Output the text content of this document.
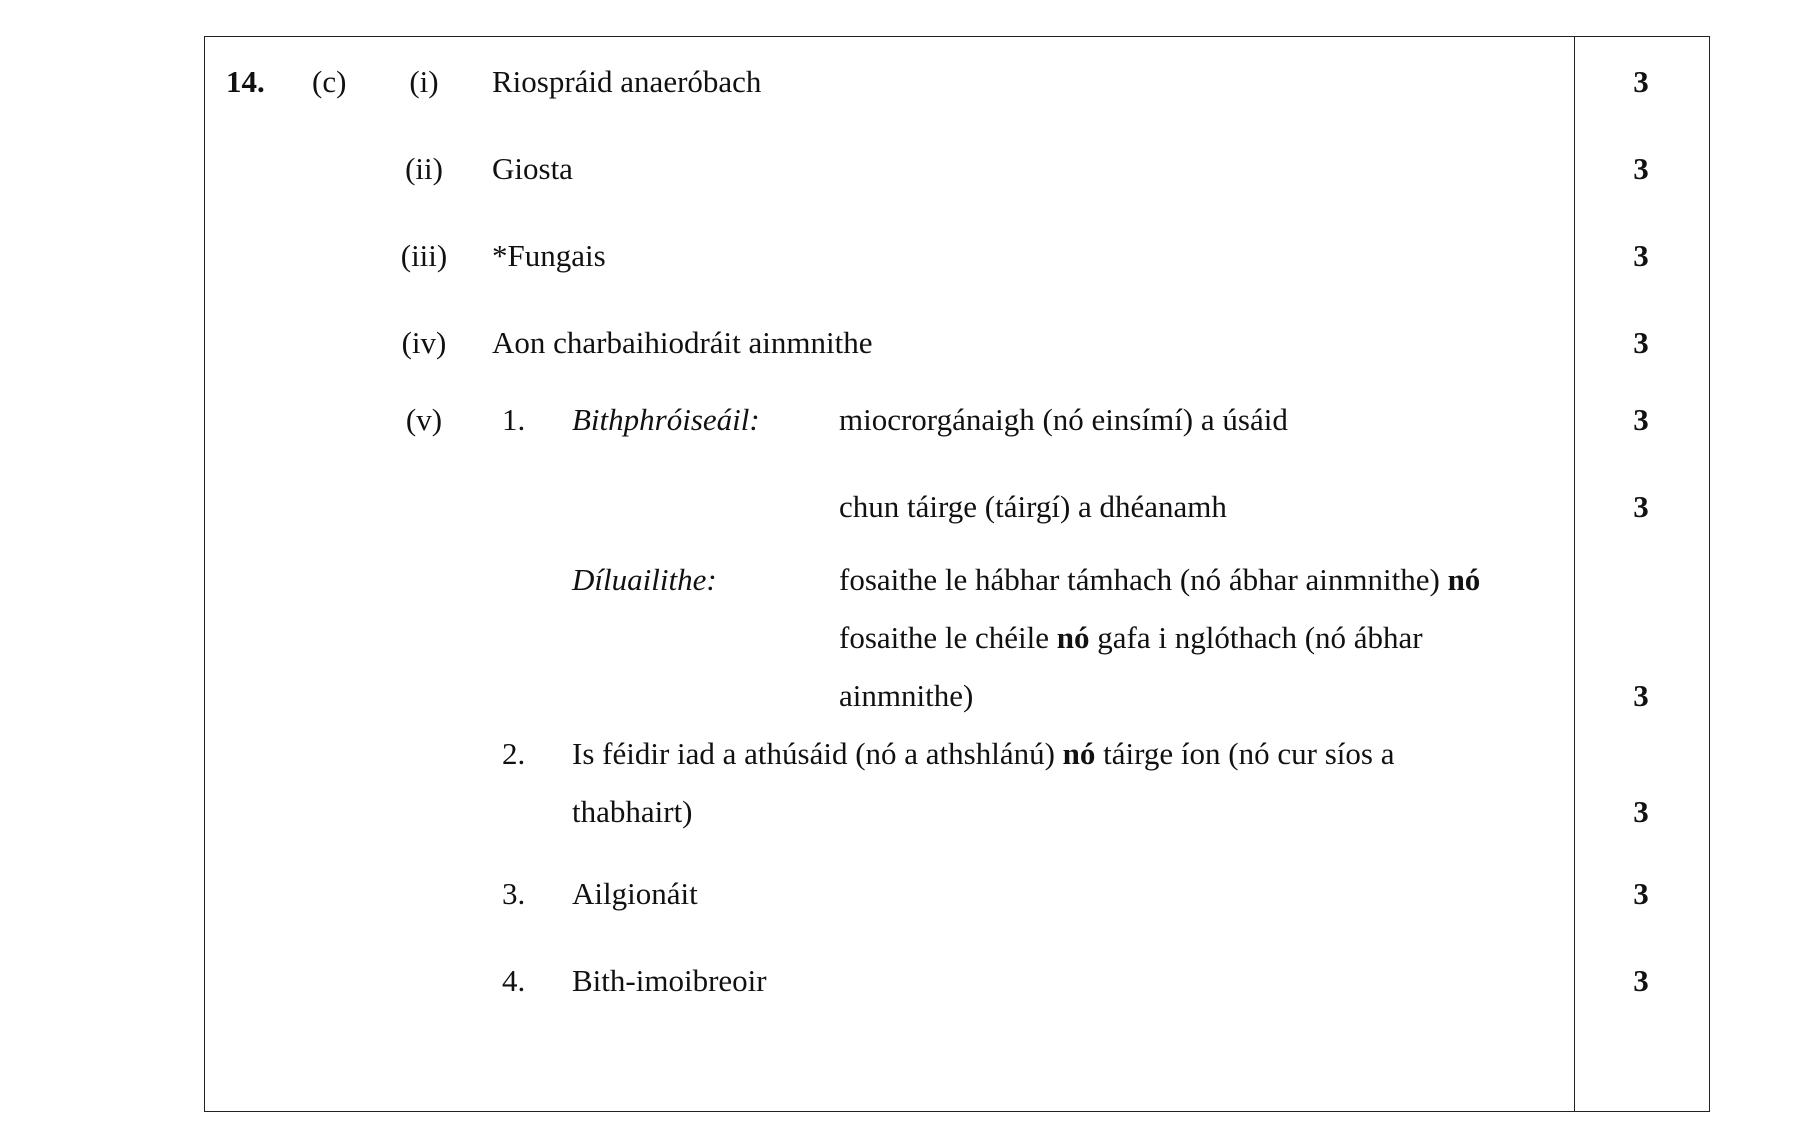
14. (c)	(i)	Riospráid anaeróbach	3
(ii)	Giosta	3
(iii)	*Fungais	3
(iv)	Aon charbaihiodráit ainmnithe	3
(v)	1. Bithphróiseáil:	miocrorgánaigh (nó einsímí) a úsáid	3
chun táirge (táirgí) a dhéanamh	3
Díluailithe:	fosaithe le hábhar támhach (nó ábhar ainmnithe) nó
fosaithe le chéile nó gafa i nglóthach (nó ábhar
ainmnithe)	3
2. Is féidir iad a athúsáid (nó a athshlánú) nó táirge íon (nó cur síos a
thabhairt)	3
3. Ailgionáit	3
4. Bith-imoibreoir	3
